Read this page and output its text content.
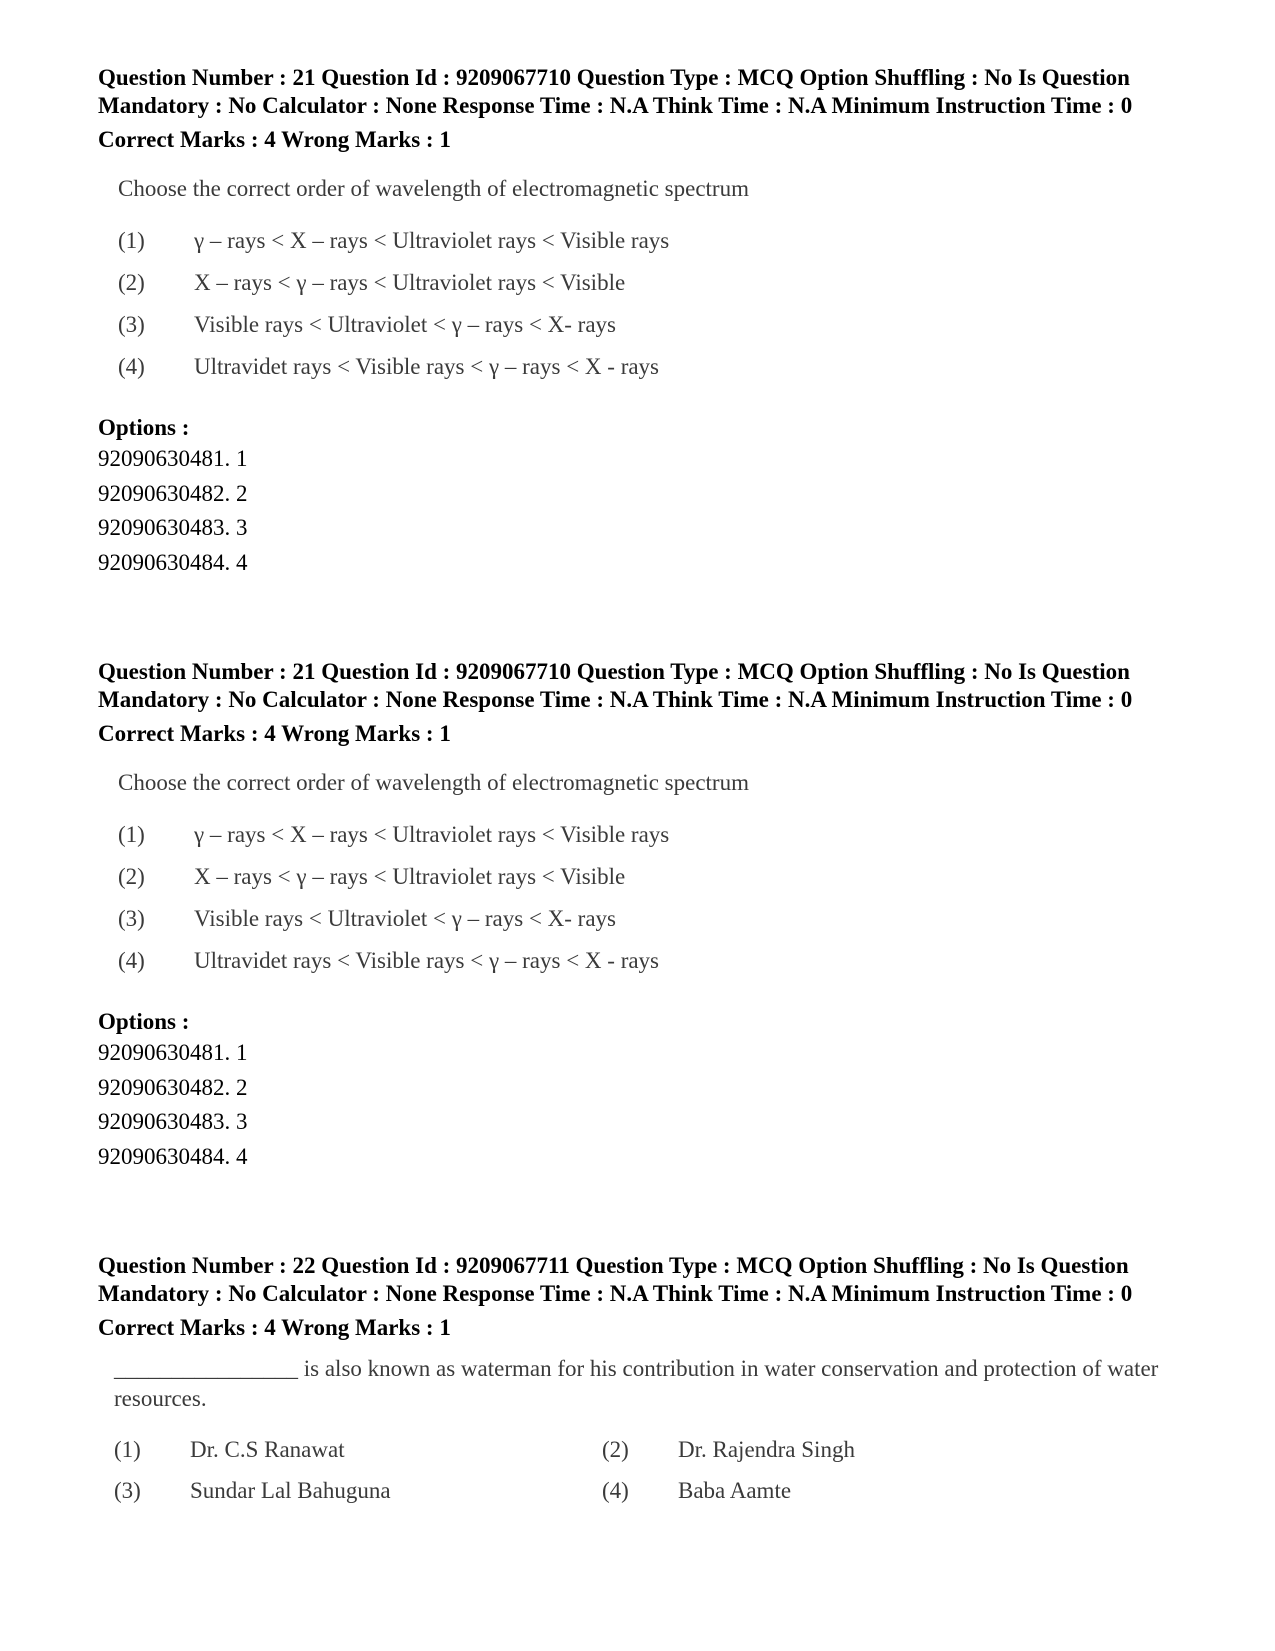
Question Number : 21 Question Id : 9209067710 Question Type : MCQ Option Shuffling : No Is Question Mandatory : No Calculator : None Response Time : N.A Think Time : N.A Minimum Instruction Time : 0

Correct Marks : 4 Wrong Marks : 1

Choose the correct order of wavelength of electromagnetic spectrum
(1)	γ – rays < X – rays < Ultraviolet rays < Visible rays
(2)	X – rays < γ – rays < Ultraviolet rays < Visible
(3)	Visible rays < Ultraviolet < γ – rays < X- rays
(4)	Ultravidet rays < Visible rays < γ – rays < X - rays

Options :

92090630481. 1

92090630482. 2

92090630483. 3

92090630484. 4

Question Number : 21 Question Id : 9209067710 Question Type : MCQ Option Shuffling : No Is Question Mandatory : No Calculator : None Response Time : N.A Think Time : N.A Minimum Instruction Time : 0

Correct Marks : 4 Wrong Marks : 1

Choose the correct order of wavelength of electromagnetic spectrum
(1)	γ – rays < X – rays < Ultraviolet rays < Visible rays
(2)	X – rays < γ – rays < Ultraviolet rays < Visible
(3)	Visible rays < Ultraviolet < γ – rays < X- rays
(4)	Ultravidet rays < Visible rays < γ – rays < X - rays

Options :

92090630481. 1

92090630482. 2

92090630483. 3

92090630484. 4

Question Number : 22 Question Id : 9209067711 Question Type : MCQ Option Shuffling : No Is Question Mandatory : No Calculator : None Response Time : N.A Think Time : N.A Minimum Instruction Time : 0

Correct Marks : 4 Wrong Marks : 1

________________ is also known as waterman for his contribution in water conservation and protection of water resources.
(1)	Dr. C.S Ranawat	(2)	Dr. Rajendra Singh
(3)	Sundar Lal Bahuguna	(4)	Baba Aamte
